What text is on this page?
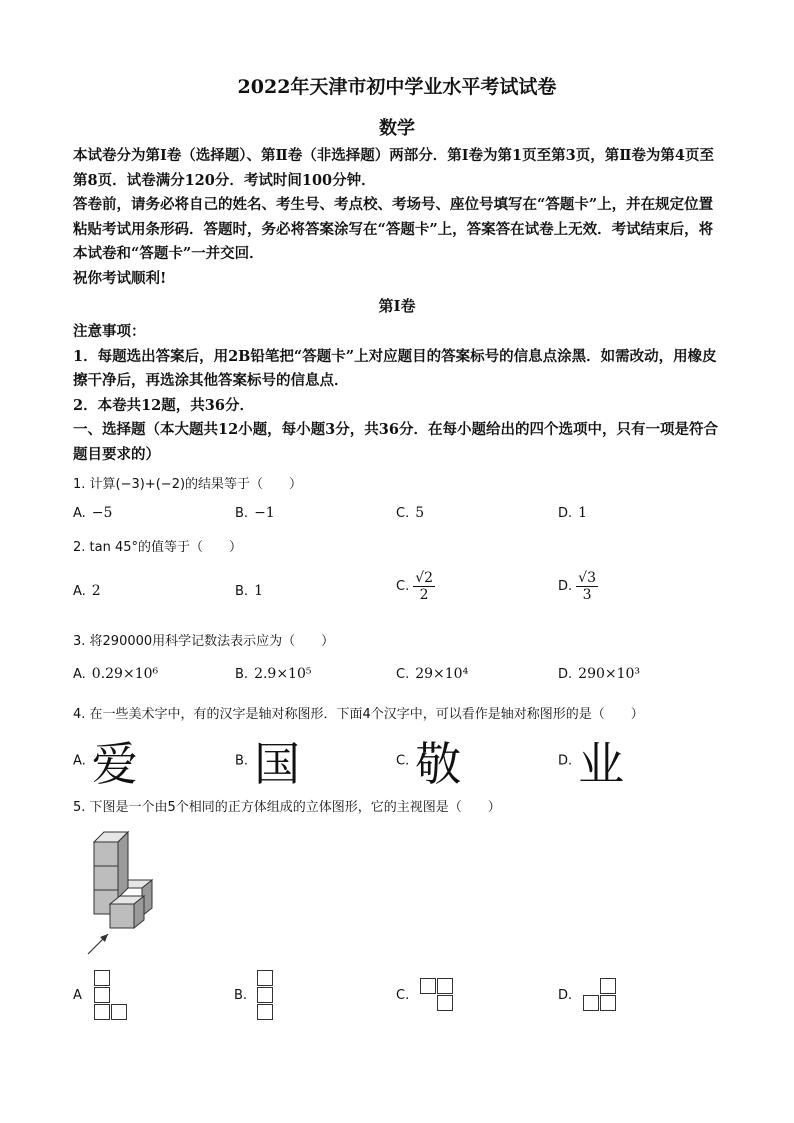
2022年天津市初中学业水平考试试卷
数学

本试卷分为第Ⅰ卷（选择题）、第Ⅱ卷（非选择题）两部分．第Ⅰ卷为第1页至第3页，第Ⅱ卷为第4页至第8页．试卷满分120分．考试时间100分钟．

答卷前，请务必将自己的姓名、考生号、考点校、考场号、座位号填写在“答题卡”上，并在规定位置粘贴考试用条形码．答题时，务必将答案涂写在“答题卡”上，答案答在试卷上无效．考试结束后，将本试卷和“答题卡”一并交回．

祝你考试顺利!

第Ⅰ卷

注意事项：

1．每题选出答案后，用2B铅笔把“答题卡”上对应题目的答案标号的信息点涂黑．如需改动，用橡皮擦干净后，再选涂其他答案标号的信息点．

2．本卷共12题，共36分．

一、选择题（本大题共12小题，每小题3分，共36分．在每小题给出的四个选项中，只有一项是符合题目要求的）

1. 计算(−3)+(−2)的结果等于（　　）
A. −5	B. −1	C. 5	D. 1
2. tan 45°的值等于（　　）
A. 2	B. 1	C. $\frac{√2}{2}$	D. $\frac{√3}{3}$
3. 将290000用科学记数法表示应为（　　）
A. 0.29×10⁶	B. 2.9×10⁵	C. 29×10⁴	D. 290×10³
4. 在一些美术字中，有的汉字是轴对称图形．下面4个汉字中，可以看作是轴对称图形的是（　　）
A. 爱	B. 国	C. 敬	D. 业
5. 下图是一个由5个相同的正方体组成的立体图形，它的主视图是（　　）
A	B.	C.	D.
